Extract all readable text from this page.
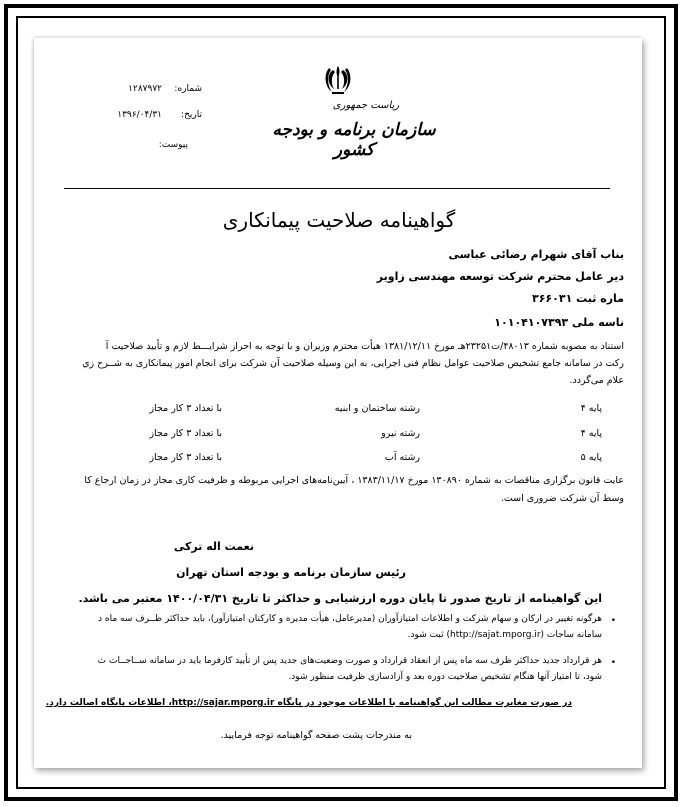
ریاست جمهوری
سازمان برنامه و بودجه کشور
شماره:
۱۲۸۷۹۷۲
تاریخ:
۱۳۹۶/۰۴/۳۱
پیوست:
گواهینامه صلاحیت پیمانکاری
بناب آقای شهرام رضائی عباسی
دیر عامل محترم شرکت توسعه مهندسی زاویر
ماره ثبت ۳۶۶۰۳۱
ناسه ملی ۱۰۱۰۴۱۰۷۳۹۳
استناد به مصوبه شماره ۴۸۰۱۳/ت۲۳۲۵۱هـ مورخ ۱۳۸۱/۱۲/۱۱ هیأت محترم وزیران و با توجه به احراز شرایـــط لازم و تأیید صلاحیت آ
رکت در سامانه جامع تشخیص صلاحیت عوامل نظام فنی اجرایی، به این وسیله صلاحیت آن شرکت برای انجام امور پیمانکاری به شــرح زي
علام می‌گردد.
پایه ۴
رشته ساختمان و ابنیه
با تعداد ۳ کار مجاز
پایه ۴
رشته نیرو
با تعداد ۳ کار مجاز
پایه ۵
رشته آب
با تعداد ۳ کار مجاز
عایت قانون برگزاری مناقصات به شماره ۱۳۰۸۹۰ مورخ ۱۳۸۳/۱۱/۱۷ ، آیین‌نامه‌های اجرایی مربوطه و ظرفیت کاری مجاز در زمان ارجاع کا
وسط آن شرکت ضروری است.
نعمت اله ترکی
رئیس سازمان برنامه و بودجه استان تهران
این گواهینامه از تاریخ صدور تا پایان دوره ارزشیابی و حداکثر تا تاریخ ۱۴۰۰/۰۴/۳۱ معتبر می باشد.
•
هرگونه تغییر در ارکان و سهام شرکت و اطلاعات امتیازآوران (مدیرعامل، هیأت مدیره و کارکنان امتیازآور)، باید حداکثر ظــرف سه ماه د
سامانه ساجات (http://sajat.mporg.ir) ثبت شود.
•
هر قرارداد جدید حداکثر ظرف سه ماه پس از انعقاد قرارداد و صورت وضعیت‌های جدید پس از تأیید کارفرما باید در سامانه ســاجــات ث
شود، تا امتیاز آنها هنگام تشخیص صلاحیت دوره بعد و آزادسازی ظرفیت منظور شود.
در صورت مغایرت مطالب این گواهینامه با اطلاعات موجود در پایگاه http://sajar.mporg.ir، اطلاعات پایگاه اصالت دارد.
به مندرجات پشت صفحه گواهینامه توجه فرمایید.
